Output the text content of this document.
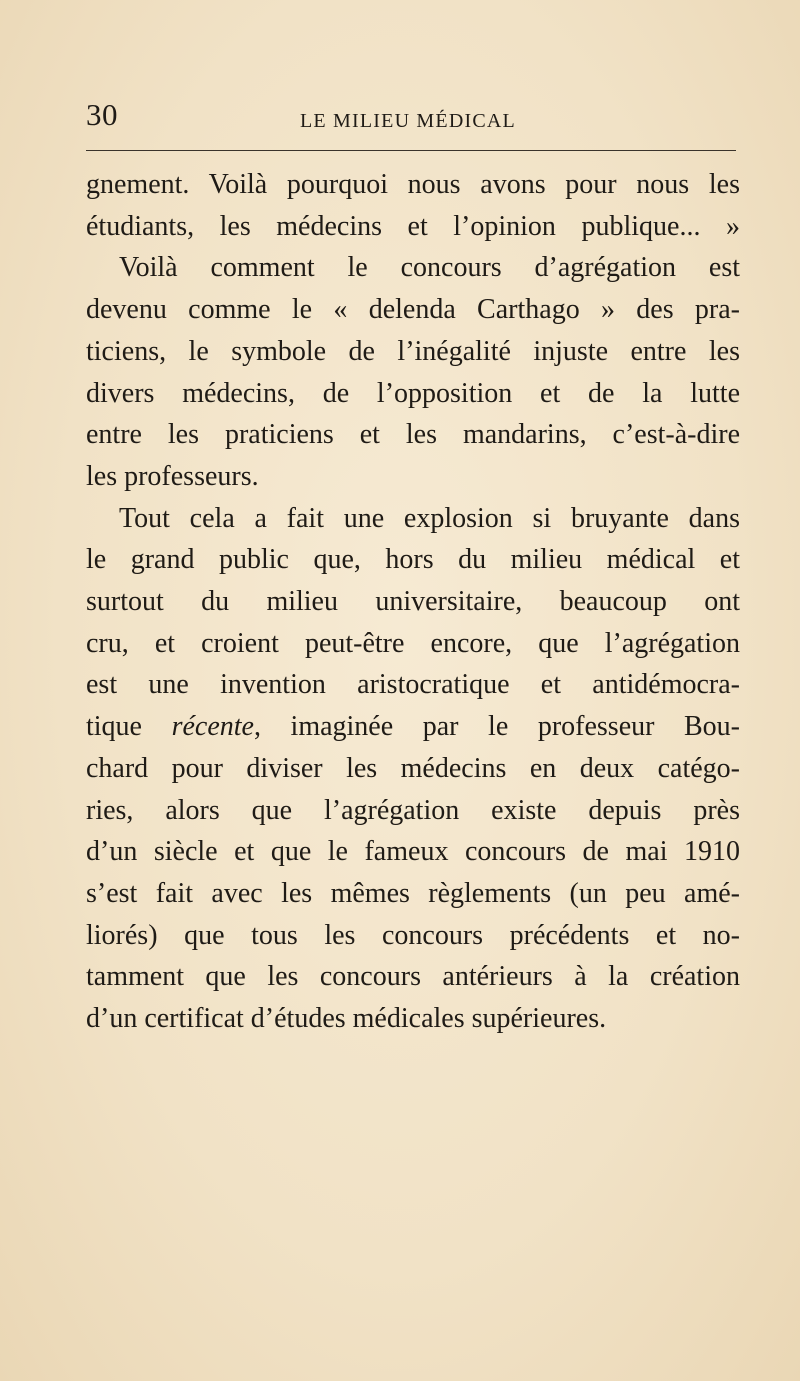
30	LE MILIEU MÉDICAL
gnement. Voilà pourquoi nous avons pour nous les
étudiants, les médecins et l’opinion publique... »
Voilà comment le concours d’agrégation est
devenu comme le « delenda Carthago » des pra-
ticiens, le symbole de l’inégalité injuste entre les
divers médecins, de l’opposition et de la lutte
entre les praticiens et les mandarins, c’est-à-dire
les professeurs.
Tout cela a fait une explosion si bruyante dans
le grand public que, hors du milieu médical et
surtout du milieu universitaire, beaucoup ont
cru, et croient peut-être encore, que l’agrégation
est une invention aristocratique et antidémocra-
tique récente, imaginée par le professeur Bou-
chard pour diviser les médecins en deux catégo-
ries, alors que l’agrégation existe depuis près
d’un siècle et que le fameux concours de mai 1910
s’est fait avec les mêmes règlements (un peu amé-
liorés) que tous les concours précédents et no-
tamment que les concours antérieurs à la création
d’un certificat d’études médicales supérieures.
